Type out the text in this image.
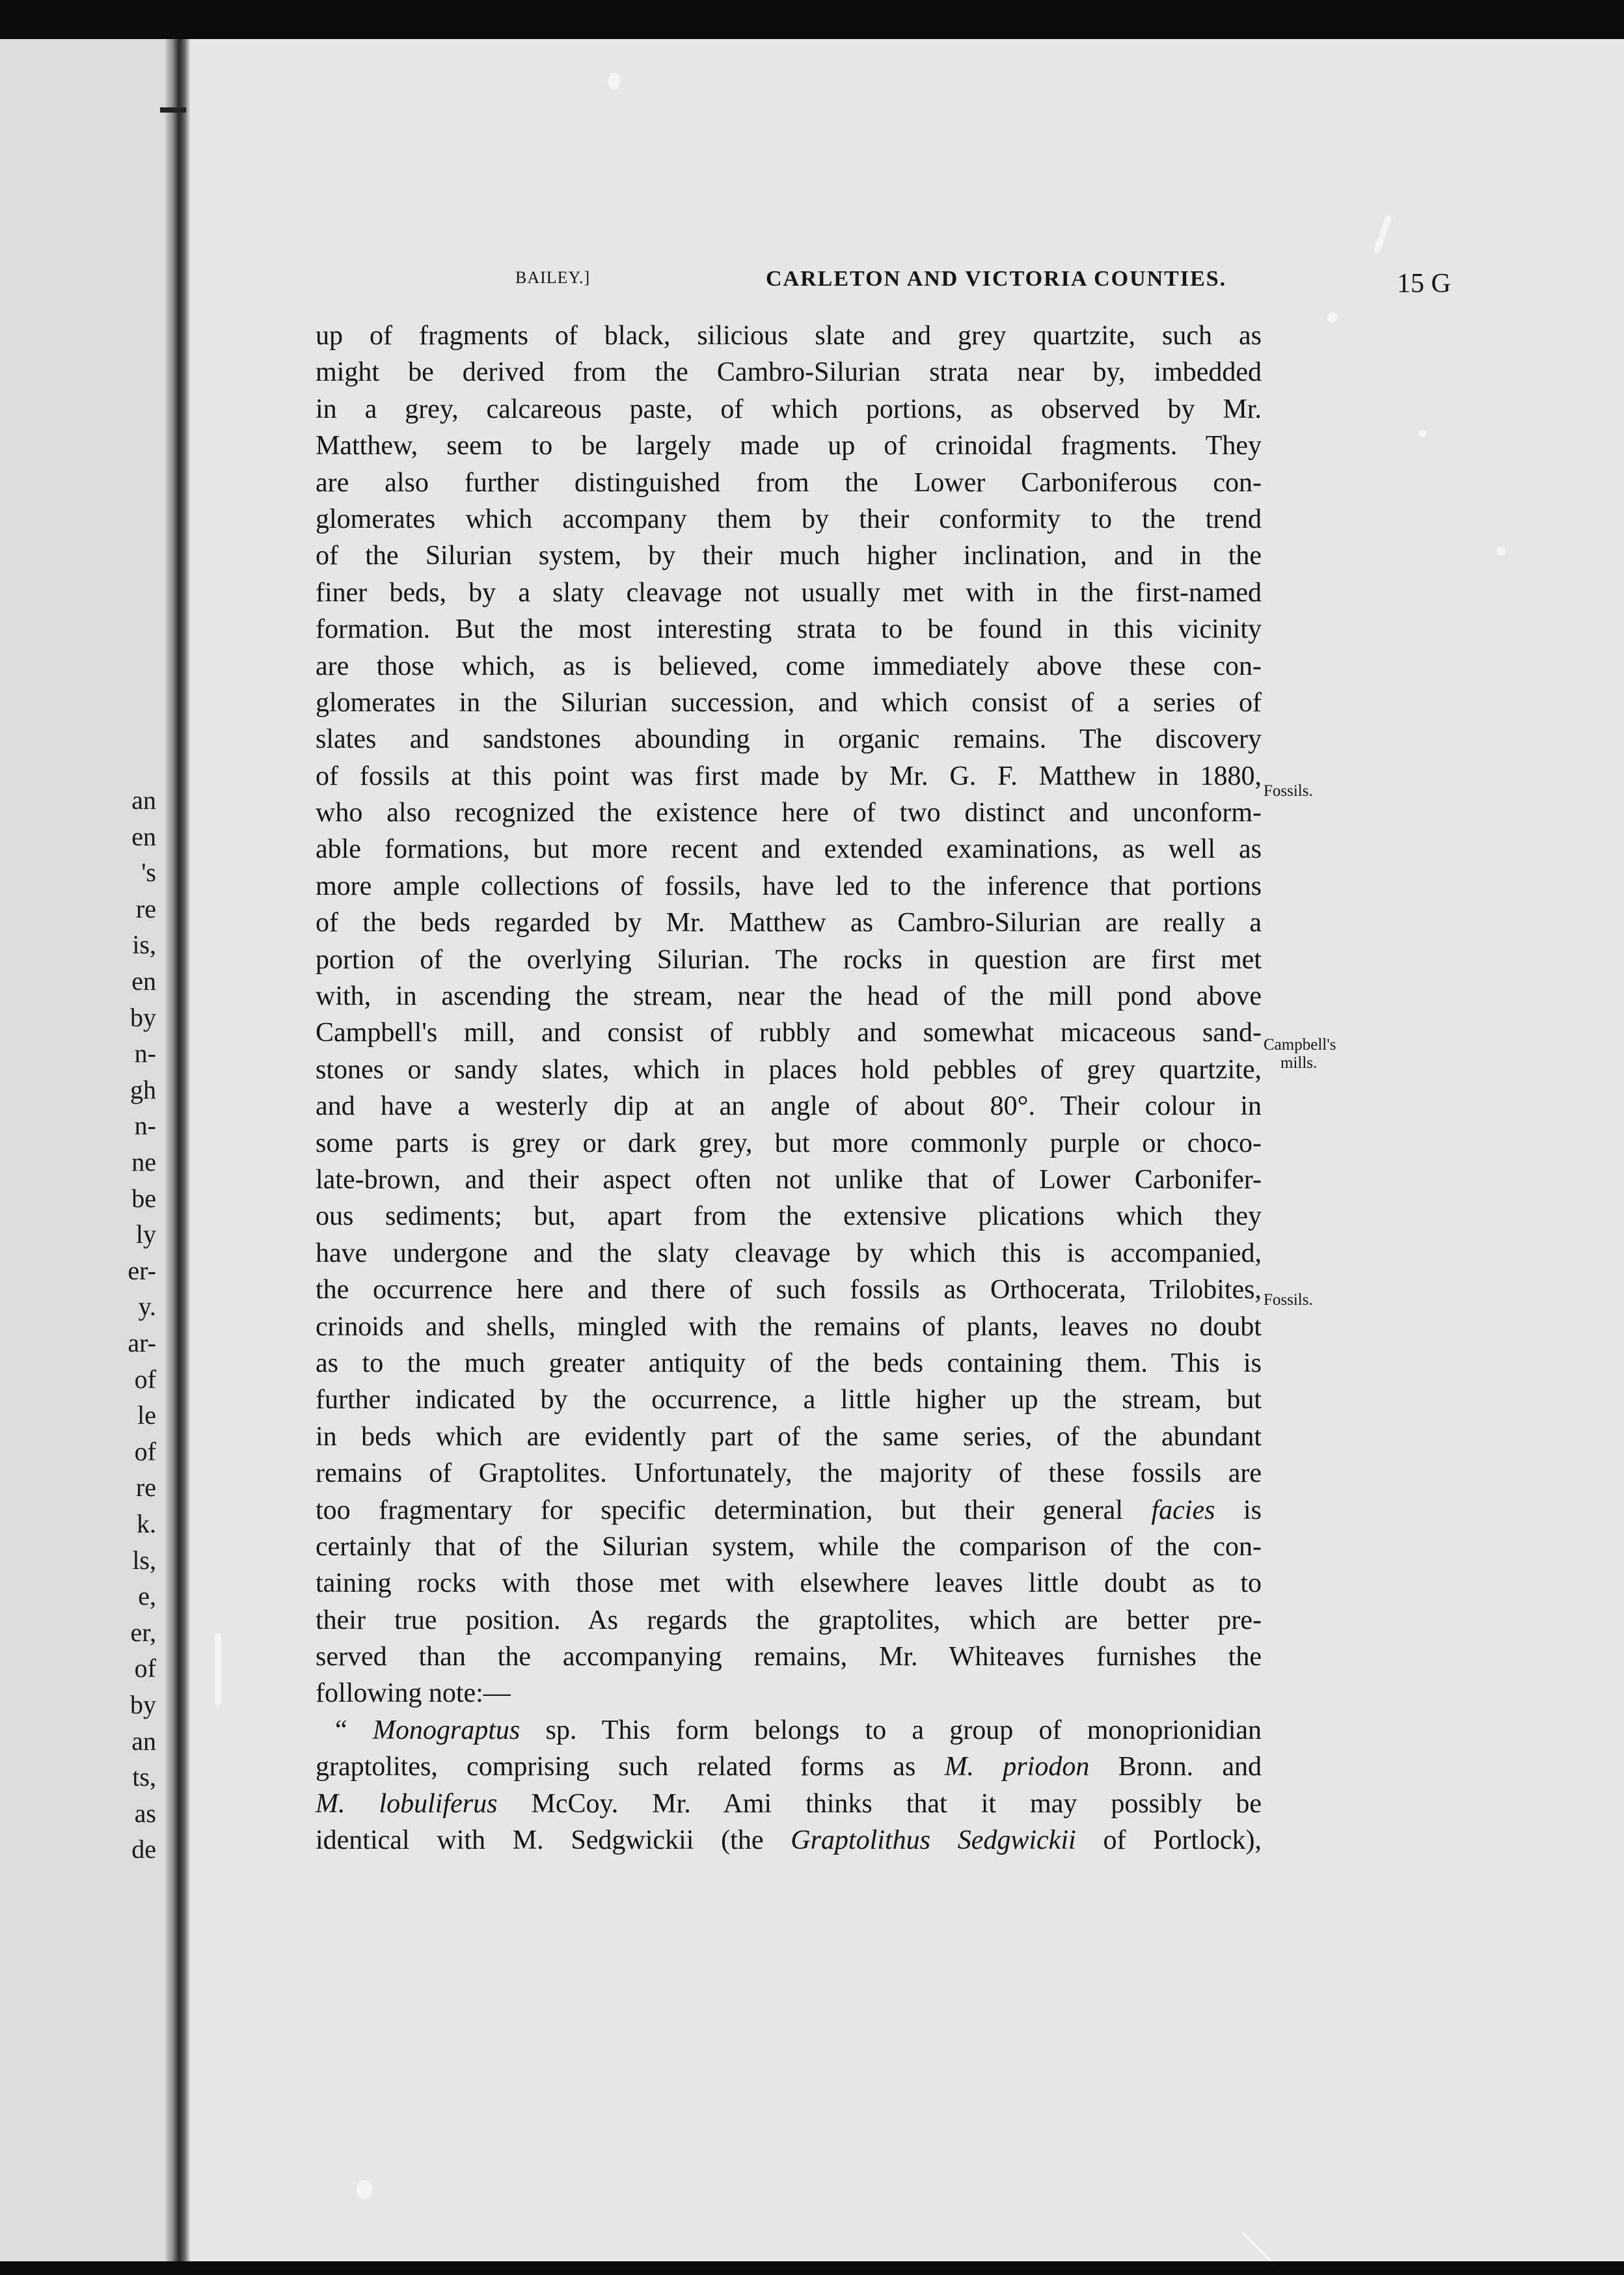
BAILEY.]	CARLETON AND VICTORIA COUNTIES.	15 G
up of fragments of black, silicious slate and grey quartzite, such as
might be derived from the Cambro-Silurian strata near by, imbedded
in a grey, calcareous paste, of which portions, as observed by Mr.
Matthew, seem to be largely made up of crinoidal fragments. They
are also further distinguished from the Lower Carboniferous con-
glomerates which accompany them by their conformity to the trend
of the Silurian system, by their much higher inclination, and in the
finer beds, by a slaty cleavage not usually met with in the first-named
formation. But the most interesting strata to be found in this vicinity
are those which, as is believed, come immediately above these con-
glomerates in the Silurian succession, and which consist of a series of
slates and sandstones abounding in organic remains. The discovery
of fossils at this point was first made by Mr. G. F. Matthew in 1880,
who also recognized the existence here of two distinct and unconform-
able formations, but more recent and extended examinations, as well as
more ample collections of fossils, have led to the inference that portions
of the beds regarded by Mr. Matthew as Cambro-Silurian are really a
portion of the overlying Silurian. The rocks in question are first met
with, in ascending the stream, near the head of the mill pond above
Campbell's mill, and consist of rubbly and somewhat micaceous sand-
stones or sandy slates, which in places hold pebbles of grey quartzite,
and have a westerly dip at an angle of about 80°. Their colour in
some parts is grey or dark grey, but more commonly purple or choco-
late-brown, and their aspect often not unlike that of Lower Carbonifer-
ous sediments; but, apart from the extensive plications which they
have undergone and the slaty cleavage by which this is accompanied,
the occurrence here and there of such fossils as Orthocerata, Trilobites,
crinoids and shells, mingled with the remains of plants, leaves no doubt
as to the much greater antiquity of the beds containing them. This is
further indicated by the occurrence, a little higher up the stream, but
in beds which are evidently part of the same series, of the abundant
remains of Graptolites. Unfortunately, the majority of these fossils are
too fragmentary for specific determination, but their general facies is
certainly that of the Silurian system, while the comparison of the con-
taining rocks with those met with elsewhere leaves little doubt as to
their true position. As regards the graptolites, which are better pre-
served than the accompanying remains, Mr. Whiteaves furnishes the
following note:—
“ Monograptus sp. This form belongs to a group of monoprionidian
graptolites, comprising such related forms as M. priodon Bronn. and
M. lobuliferus McCoy. Mr. Ami thinks that it may possibly be
identical with M. Sedgwickii (the Graptolithus Sedgwickii of Portlock),
Fossils.
Campbell's
mills.
Fossils.
an
en
's
re
is,
en
by
n-
gh
n-
ne
be
ly
er-
y.
ar-
of
le
of
re
k.
ls,
e,
er,
of
by
an
ts,
as
de
